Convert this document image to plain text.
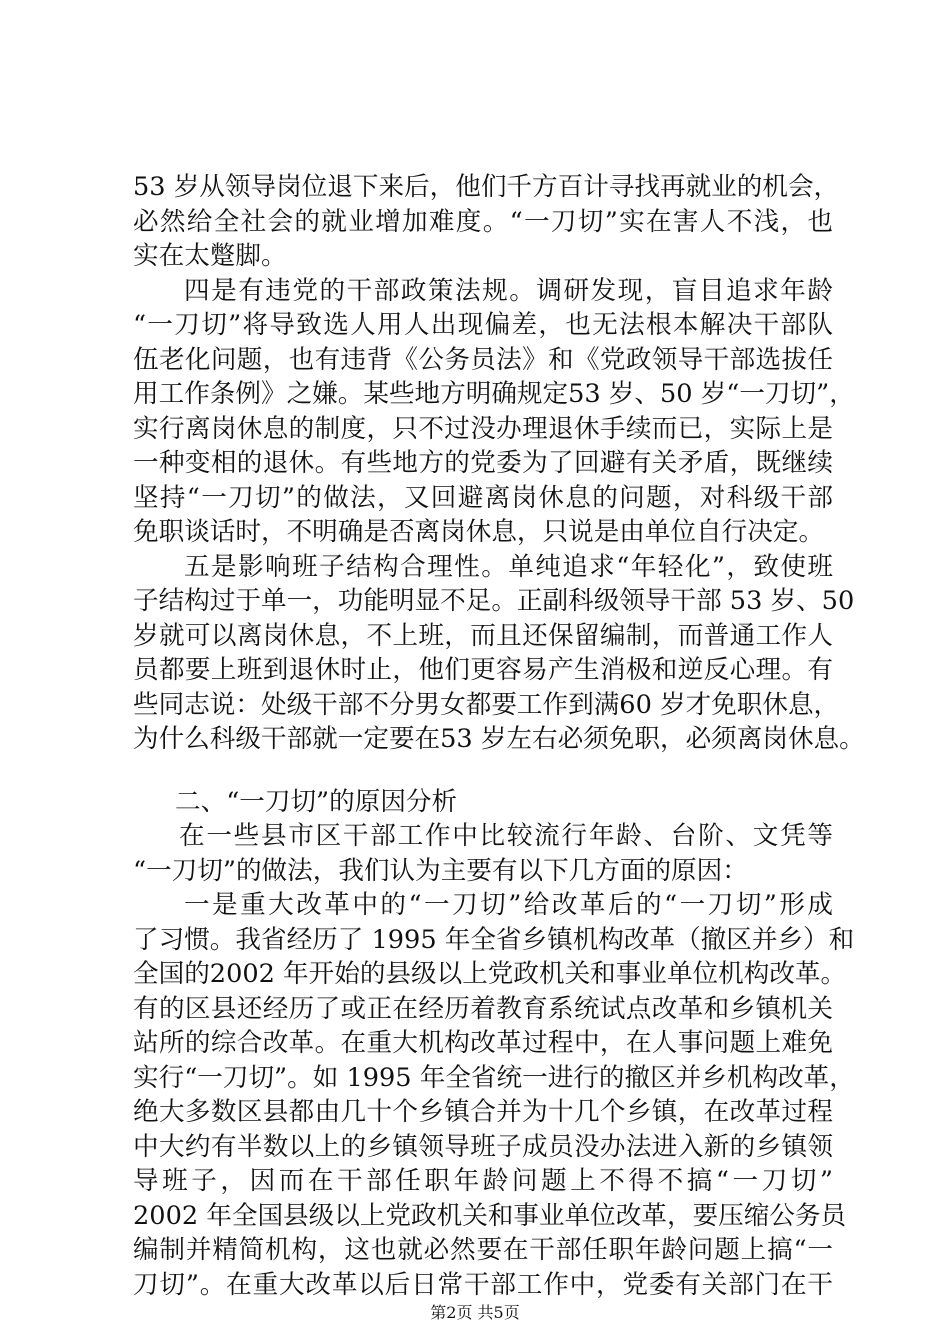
53 岁从领导岗位退下来后，他们千方百计寻找再就业的机会，
必然给全社会的就业增加难度。“一刀切”实在害人不浅，也
实在太蹩脚。
四是有违党的干部政策法规。调研发现，盲目追求年龄
“一刀切”将导致选人用人出现偏差，也无法根本解决干部队
伍老化问题，也有违背《公务员法》和《党政领导干部选拔任
用工作条例》之嫌。某些地方明确规定53 岁、50 岁“一刀切”，
实行离岗休息的制度，只不过没办理退休手续而已，实际上是
一种变相的退休。有些地方的党委为了回避有关矛盾，既继续
坚持“一刀切”的做法，又回避离岗休息的问题，对科级干部
免职谈话时，不明确是否离岗休息，只说是由单位自行决定。
五是影响班子结构合理性。单纯追求“年轻化”，致使班
子结构过于单一，功能明显不足。正副科级领导干部 53 岁、50
岁就可以离岗休息，不上班，而且还保留编制，而普通工作人
员都要上班到退休时止，他们更容易产生消极和逆反心理。有
些同志说：处级干部不分男女都要工作到满60 岁才免职休息，
为什么科级干部就一定要在53 岁左右必须免职，必须离岗休息。
二、“一刀切”的原因分析
在一些县市区干部工作中比较流行年龄、台阶、文凭等
“一刀切”的做法，我们认为主要有以下几方面的原因：
一是重大改革中的“一刀切”给改革后的“一刀切”形成
了习惯。我省经历了 1995 年全省乡镇机构改革（撤区并乡）和
全国的2002 年开始的县级以上党政机关和事业单位机构改革。
有的区县还经历了或正在经历着教育系统试点改革和乡镇机关
站所的综合改革。在重大机构改革过程中，在人事问题上难免
实行“一刀切”。如 1995 年全省统一进行的撤区并乡机构改革，
绝大多数区县都由几十个乡镇合并为十几个乡镇，在改革过程
中大约有半数以上的乡镇领导班子成员没办法进入新的乡镇领
导班子，因而在干部任职年龄问题上不得不搞“一刀切”
2002 年全国县级以上党政机关和事业单位改革，要压缩公务员
编制并精简机构，这也就必然要在干部任职年龄问题上搞“一
刀切”。在重大改革以后日常干部工作中，党委有关部门在干
第2页 共5页
